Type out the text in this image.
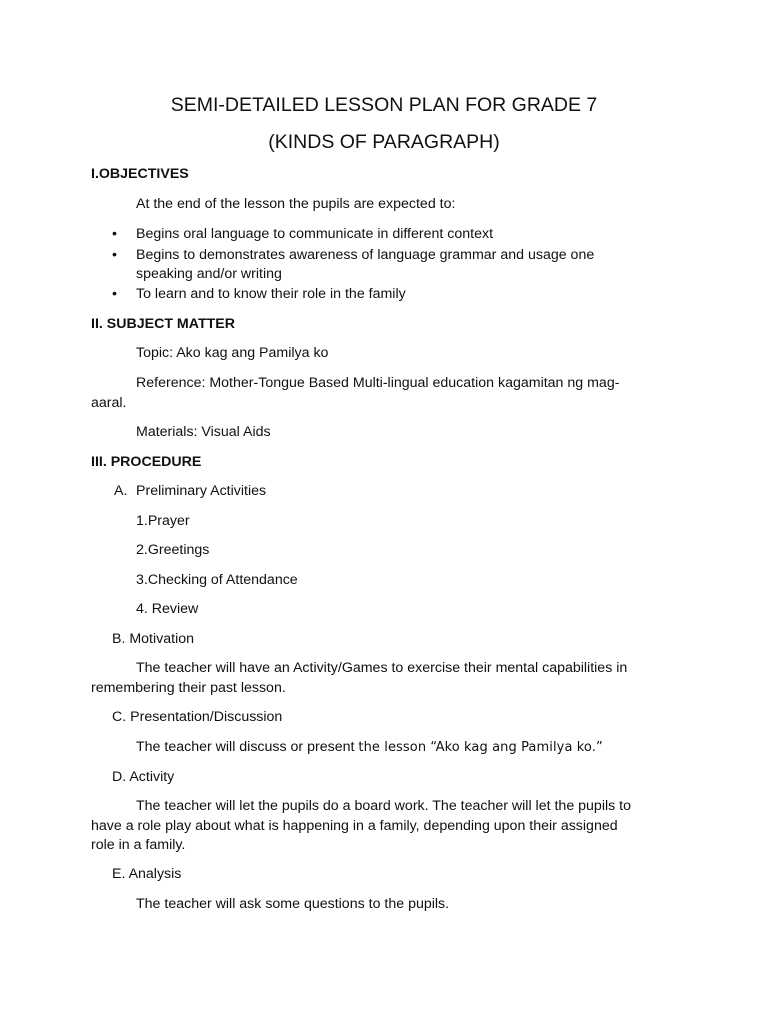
SEMI-DETAILED LESSON PLAN FOR GRADE 7
(KINDS OF PARAGRAPH)
I.OBJECTIVES
At the end of the lesson the pupils are expected to:
• Begins oral language to communicate in different context
• Begins to demonstrates awareness of language grammar and usage one
speaking and/or writing
• To learn and to know their role in the family
II. SUBJECT MATTER
Topic: Ako kag ang Pamilya ko
Reference: Mother-Tongue Based Multi-lingual education kagamitan ng mag-
aaral.
Materials: Visual Aids
III. PROCEDURE
A. Preliminary Activities
1.Prayer
2.Greetings
3.Checking of Attendance
4. Review
B. Motivation
The teacher will have an Activity/Games to exercise their mental capabilities in
remembering their past lesson.
C. Presentation/Discussion
The teacher will discuss or present the lesson “Ako kag ang Pamilya ko.”
D. Activity
The teacher will let the pupils do a board work. The teacher will let the pupils to
have a role play about what is happening in a family, depending upon their assigned
role in a family.
E. Analysis
The teacher will ask some questions to the pupils.
